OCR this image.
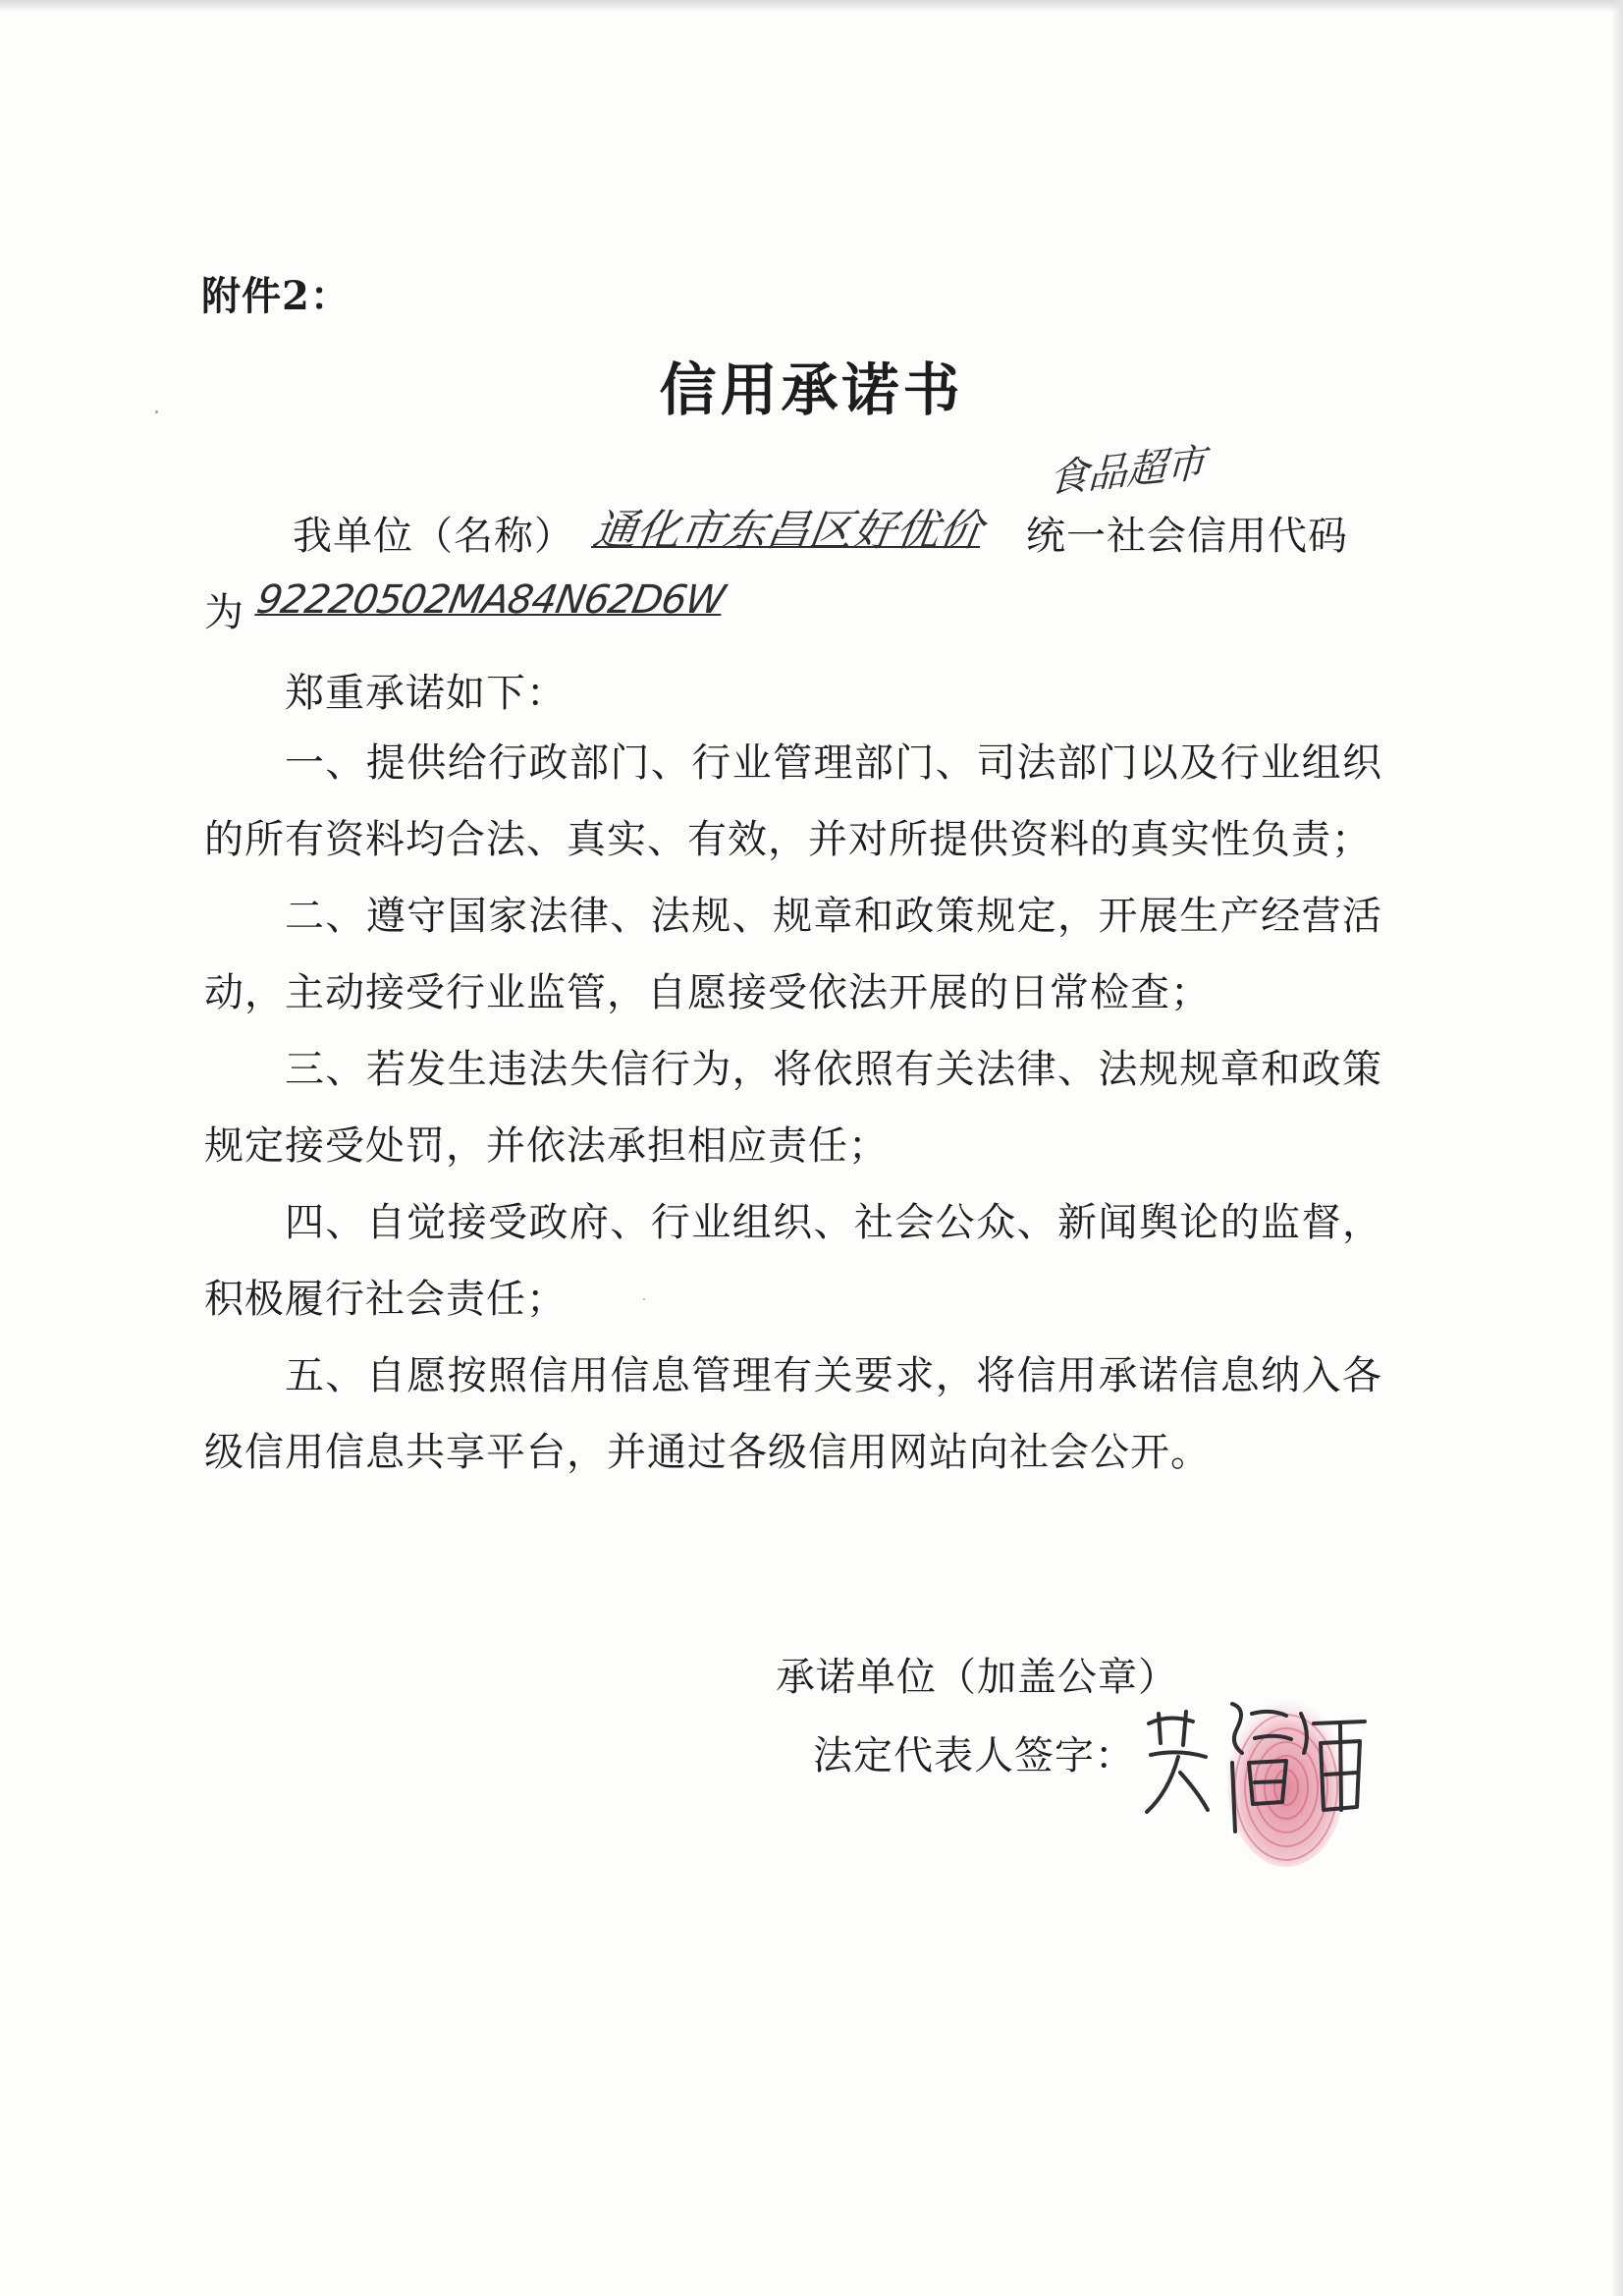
附件2：
信用承诺书
我单位（名称） 通化市东昌区好优价
食品超市
统一社会信用代码
为 92220502MA84N62D6W
郑重承诺如下：
一、提供给行政部门、行业管理部门、司法部门以及行业组织
的所有资料均合法、真实、有效，并对所提供资料的真实性负责；
二、遵守国家法律、法规、规章和政策规定，开展生产经营活
动，主动接受行业监管，自愿接受依法开展的日常检查；
三、若发生违法失信行为，将依照有关法律、法规规章和政策
规定接受处罚，并依法承担相应责任；
四、自觉接受政府、行业组织、社会公众、新闻舆论的监督，
积极履行社会责任；
五、自愿按照信用信息管理有关要求，将信用承诺信息纳入各
级信用信息共享平台，并通过各级信用网站向社会公开。
承诺单位（加盖公章）
法定代表人签字：
